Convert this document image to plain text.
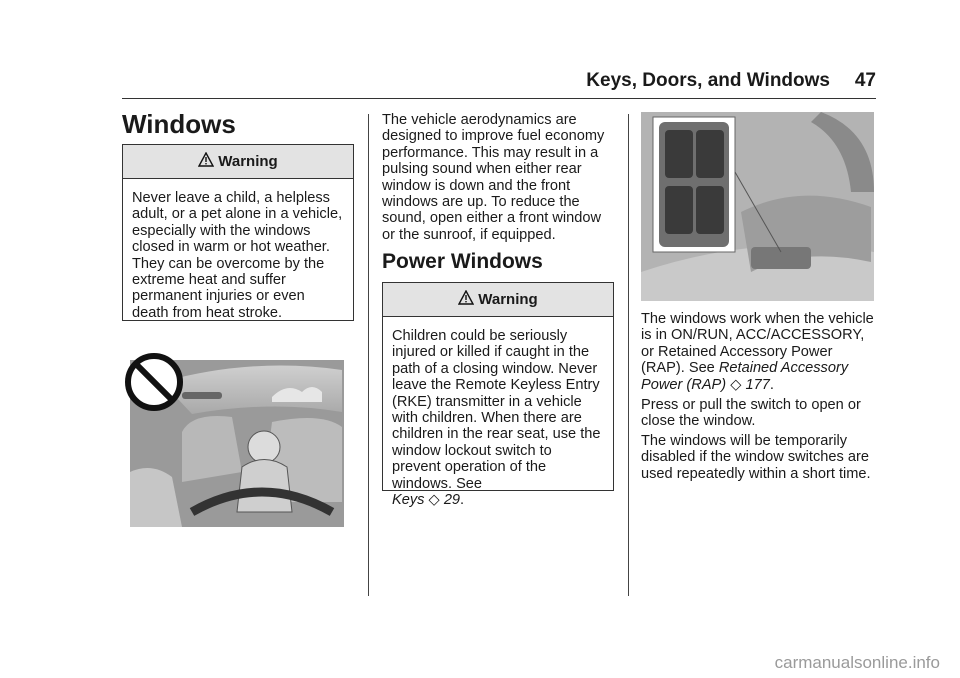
Keys, Doors, and Windows	47
Windows
Warning
Never leave a child, a helpless adult, or a pet alone in a vehicle, especially with the windows closed in warm or hot weather. They can be overcome by the extreme heat and suffer permanent injuries or even death from heat stroke.
The vehicle aerodynamics are designed to improve fuel economy performance. This may result in a pulsing sound when either rear window is down and the front windows are up. To reduce the sound, open either a front window or the sunroof, if equipped.
Power Windows
Warning
Children could be seriously injured or killed if caught in the path of a closing window. Never leave the Remote Keyless Entry (RKE) transmitter in a vehicle with children. When there are children in the rear seat, use the window lockout switch to prevent operation of the windows. See
Keys ◇ 29.
The windows work when the vehicle is in ON/RUN, ACC/ACCESSORY, or Retained Accessory Power (RAP). See Retained Accessory Power (RAP) ◇ 177.
Press or pull the switch to open or close the window.
The windows will be temporarily disabled if the window switches are used repeatedly within a short time.
carmanualsonline.info
